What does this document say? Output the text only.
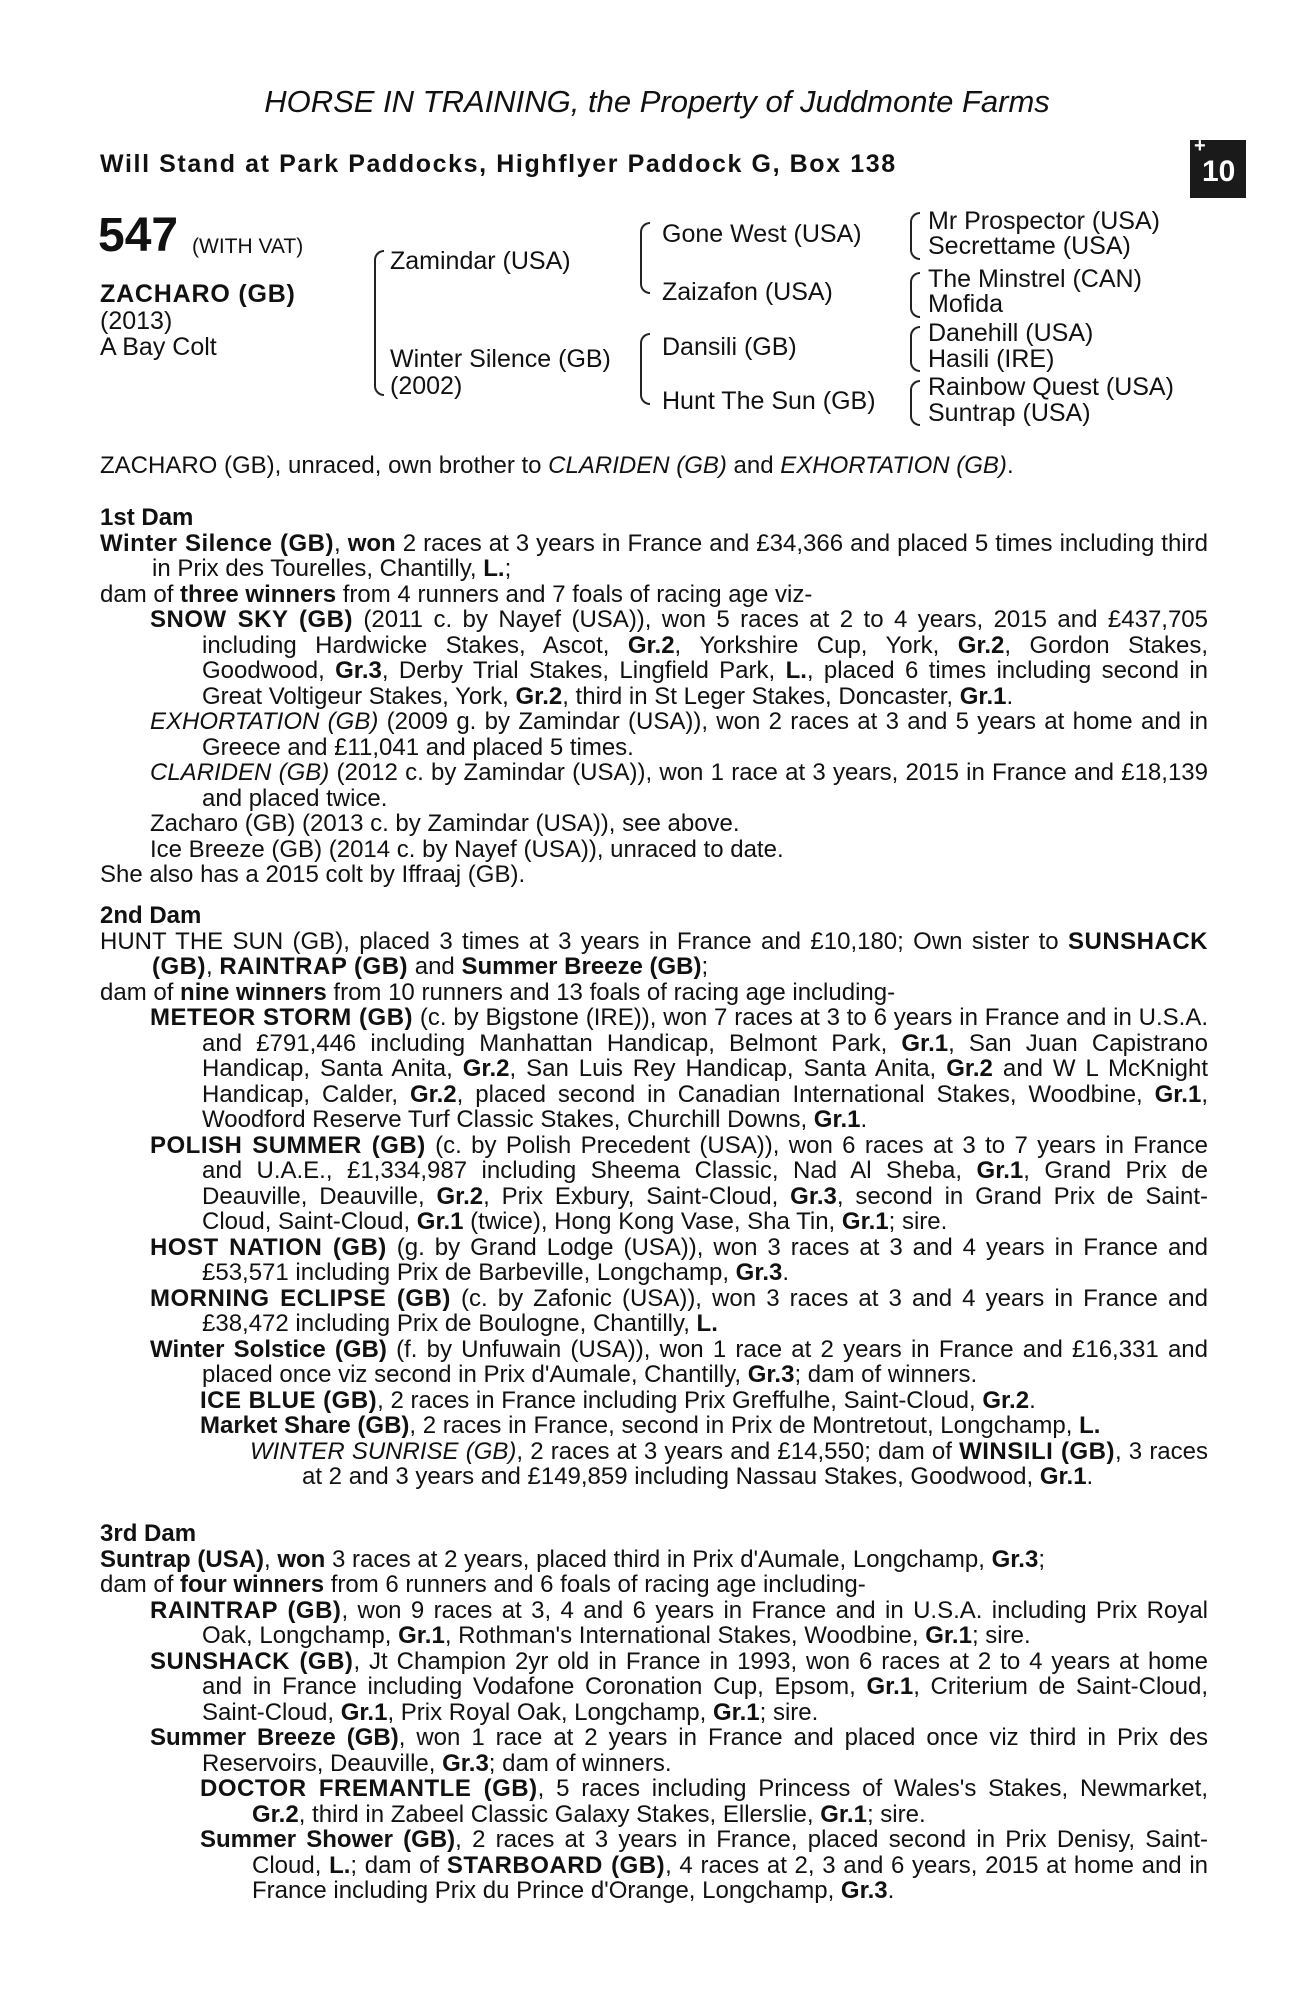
HORSE IN TRAINING, the Property of Juddmonte Farms
Will Stand at Park Paddocks, Highflyer Paddock G, Box 138
+
10
547 (WITH VAT)
ZACHARO (GB)
(2013)
A Bay Colt
Zamindar (USA)
Winter Silence (GB)
(2002)
Gone West (USA)
Zaizafon (USA)
Dansili (GB)
Hunt The Sun (GB)
Mr Prospector (USA)
Secrettame (USA)
The Minstrel (CAN)
Mofida
Danehill (USA)
Hasili (IRE)
Rainbow Quest (USA)
Suntrap (USA)
ZACHARO (GB), unraced, own brother to CLARIDEN (GB) and EXHORTATION (GB).
1st Dam
Winter Silence (GB), won 2 races at 3 years in France and £34,366 and placed 5 times including third in Prix des Tourelles, Chantilly, L.;
dam of three winners from 4 runners and 7 foals of racing age viz-
SNOW SKY (GB) (2011 c. by Nayef (USA)), won 5 races at 2 to 4 years, 2015 and £437,705 including Hardwicke Stakes, Ascot, Gr.2, Yorkshire Cup, York, Gr.2, Gordon Stakes, Goodwood, Gr.3, Derby Trial Stakes, Lingfield Park, L., placed 6 times including second in Great Voltigeur Stakes, York, Gr.2, third in St Leger Stakes, Doncaster, Gr.1.
EXHORTATION (GB) (2009 g. by Zamindar (USA)), won 2 races at 3 and 5 years at home and in Greece and £11,041 and placed 5 times.
CLARIDEN (GB) (2012 c. by Zamindar (USA)), won 1 race at 3 years, 2015 in France and £18,139 and placed twice.
Zacharo (GB) (2013 c. by Zamindar (USA)), see above.
Ice Breeze (GB) (2014 c. by Nayef (USA)), unraced to date.
She also has a 2015 colt by Iffraaj (GB).
2nd Dam
HUNT THE SUN (GB), placed 3 times at 3 years in France and £10,180; Own sister to SUNSHACK (GB), RAINTRAP (GB) and Summer Breeze (GB);
dam of nine winners from 10 runners and 13 foals of racing age including-
METEOR STORM (GB) (c. by Bigstone (IRE)), won 7 races at 3 to 6 years in France and in U.S.A. and £791,446 including Manhattan Handicap, Belmont Park, Gr.1, San Juan Capistrano Handicap, Santa Anita, Gr.2, San Luis Rey Handicap, Santa Anita, Gr.2 and W L McKnight Handicap, Calder, Gr.2, placed second in Canadian International Stakes, Woodbine, Gr.1, Woodford Reserve Turf Classic Stakes, Churchill Downs, Gr.1.
POLISH SUMMER (GB) (c. by Polish Precedent (USA)), won 6 races at 3 to 7 years in France and U.A.E., £1,334,987 including Sheema Classic, Nad Al Sheba, Gr.1, Grand Prix de Deauville, Deauville, Gr.2, Prix Exbury, Saint-Cloud, Gr.3, second in Grand Prix de Saint-Cloud, Saint-Cloud, Gr.1 (twice), Hong Kong Vase, Sha Tin, Gr.1; sire.
HOST NATION (GB) (g. by Grand Lodge (USA)), won 3 races at 3 and 4 years in France and £53,571 including Prix de Barbeville, Longchamp, Gr.3.
MORNING ECLIPSE (GB) (c. by Zafonic (USA)), won 3 races at 3 and 4 years in France and £38,472 including Prix de Boulogne, Chantilly, L.
Winter Solstice (GB) (f. by Unfuwain (USA)), won 1 race at 2 years in France and £16,331 and placed once viz second in Prix d'Aumale, Chantilly, Gr.3; dam of winners.
ICE BLUE (GB), 2 races in France including Prix Greffulhe, Saint-Cloud, Gr.2.
Market Share (GB), 2 races in France, second in Prix de Montretout, Longchamp, L.
WINTER SUNRISE (GB), 2 races at 3 years and £14,550; dam of WINSILI (GB), 3 races at 2 and 3 years and £149,859 including Nassau Stakes, Goodwood, Gr.1.
3rd Dam
Suntrap (USA), won 3 races at 2 years, placed third in Prix d'Aumale, Longchamp, Gr.3;
dam of four winners from 6 runners and 6 foals of racing age including-
RAINTRAP (GB), won 9 races at 3, 4 and 6 years in France and in U.S.A. including Prix Royal Oak, Longchamp, Gr.1, Rothman's International Stakes, Woodbine, Gr.1; sire.
SUNSHACK (GB), Jt Champion 2yr old in France in 1993, won 6 races at 2 to 4 years at home and in France including Vodafone Coronation Cup, Epsom, Gr.1, Criterium de Saint-Cloud, Saint-Cloud, Gr.1, Prix Royal Oak, Longchamp, Gr.1; sire.
Summer Breeze (GB), won 1 race at 2 years in France and placed once viz third in Prix des Reservoirs, Deauville, Gr.3; dam of winners.
DOCTOR FREMANTLE (GB), 5 races including Princess of Wales's Stakes, Newmarket, Gr.2, third in Zabeel Classic Galaxy Stakes, Ellerslie, Gr.1; sire.
Summer Shower (GB), 2 races at 3 years in France, placed second in Prix Denisy, Saint-Cloud, L.; dam of STARBOARD (GB), 4 races at 2, 3 and 6 years, 2015 at home and in France including Prix du Prince d'Orange, Longchamp, Gr.3.
